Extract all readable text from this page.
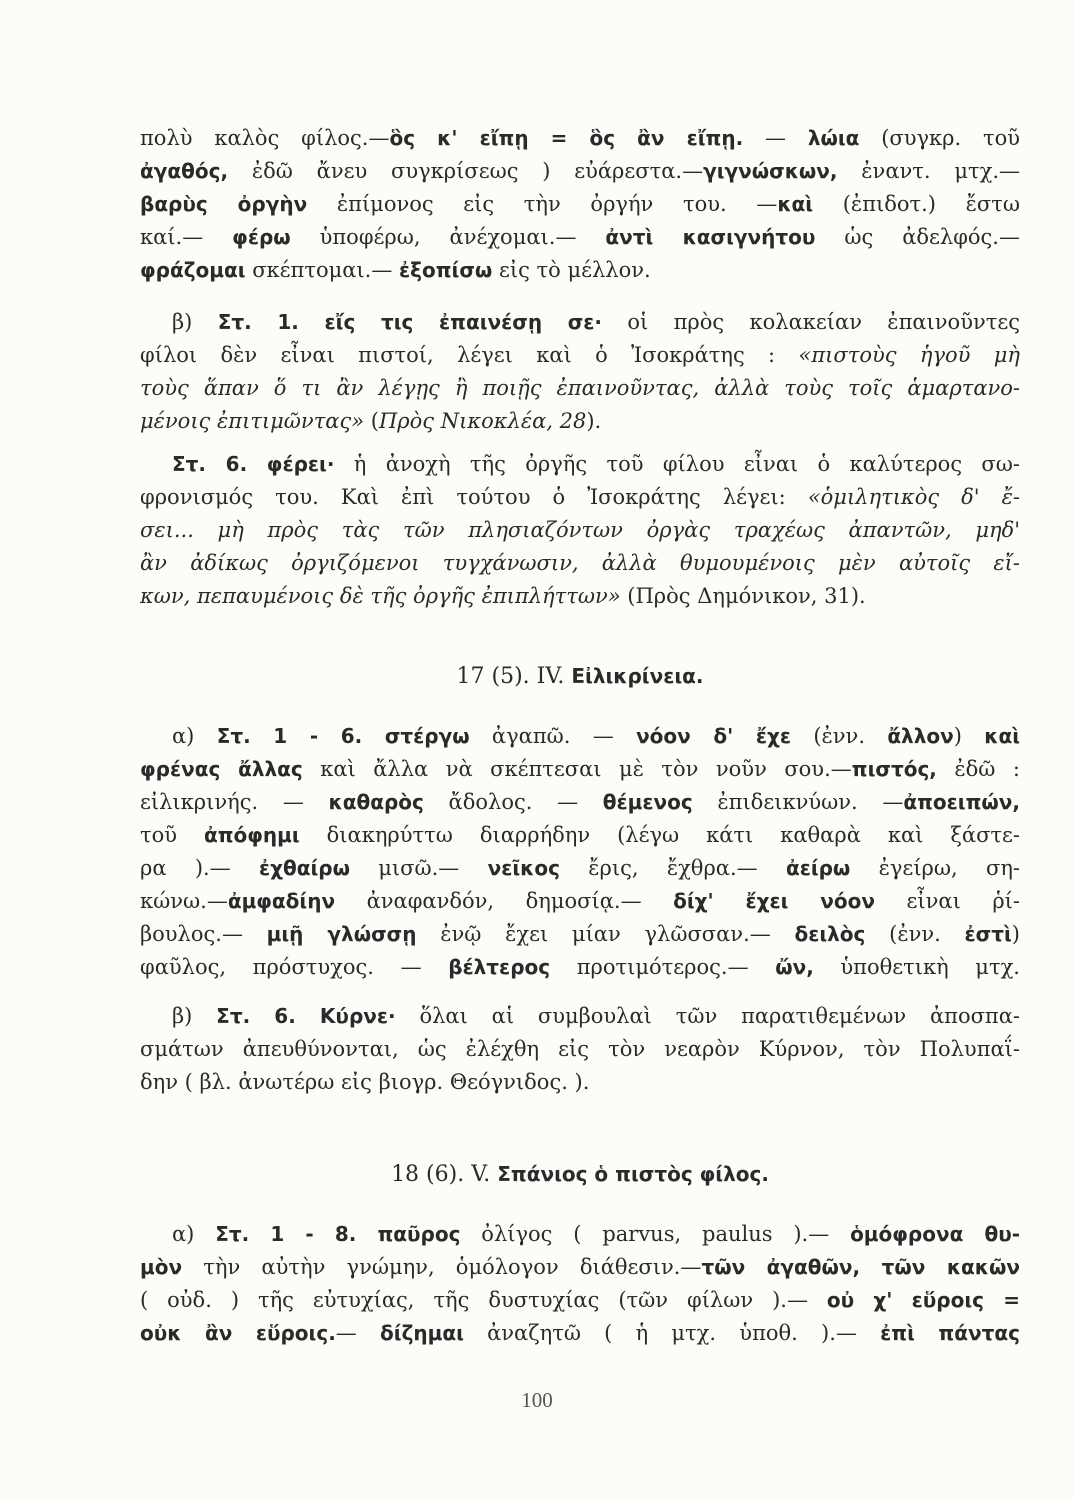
πολὺ καλὸς φίλος.—ὃς κ' εἴπῃ = ὃς ἂν εἴπῃ. — λώια (συγκρ. τοῦ
ἀγαθός, ἐδῶ ἄνευ συγκρίσεως ) εὐάρεστα.—γιγνώσκων, ἐναντ. μτχ.—
βαρὺς ὀργὴν ἐπίμονος εἰς τὴν ὀργήν του. —καὶ (ἐπιδοτ.) ἔστω
καί.— φέρω ὑποφέρω, ἀνέχομαι.— ἀντὶ κασιγνήτου ὡς ἀδελφός.—
φράζομαι σκέπτομαι.— ἐξοπίσω εἰς τὸ μέλλον.
β) Στ. 1. εἴς τις ἐπαινέσῃ σε· οἱ πρὸς κολακείαν ἐπαινοῦντες
φίλοι δὲν εἶναι πιστοί, λέγει καὶ ὁ Ἰσοκράτης : «πιστοὺς ἡγοῦ μὴ
τοὺς ἅπαν ὅ τι ἂν λέγῃς ἢ ποιῇς ἐπαινοῦντας, ἀλλὰ τοὺς τοῖς ἁμαρτανο-
μένοις ἐπιτιμῶντας» (Πρὸς Νικοκλέα, 28).
Στ. 6. φέρει· ἡ ἀνοχὴ τῆς ὀργῆς τοῦ φίλου εἶναι ὁ καλύτερος σω-
φρονισμός του. Καὶ ἐπὶ τούτου ὁ Ἰσοκράτης λέγει: «ὁμιλητικὸς δ' ἔ-
σει... μὴ πρὸς τὰς τῶν πλησιαζόντων ὀργὰς τραχέως ἀπαντῶν, μηδ'
ἂν ἀδίκως ὀργιζόμενοι τυγχάνωσιν, ἀλλὰ θυμουμένοις μὲν αὐτοῖς εἴ-
κων, πεπαυμένοις δὲ τῆς ὀργῆς ἐπιπλήττων» (Πρὸς Δημόνικον, 31).
17 (5). IV. Εἰλικρίνεια.
α) Στ. 1 - 6. στέργω ἀγαπῶ. — νόον δ' ἔχε (ἐνν. ἄλλον) καὶ
φρένας ἄλλας καὶ ἄλλα νὰ σκέπτεσαι μὲ τὸν νοῦν σου.—πιστός, ἐδῶ :
εἰλικρινής. — καθαρὸς ἄδολος. — θέμενος ἐπιδεικνύων. —ἀποειπών,
τοῦ ἀπόφημι διακηρύττω διαρρήδην (λέγω κάτι καθαρὰ καὶ ξάστε-
ρα ).— ἐχθαίρω μισῶ.— νεῖκος ἔρις, ἔχθρα.— ἀείρω ἐγείρω, ση-
κώνω.—ἀμφαδίην ἀναφανδόν, δημοσίᾳ.— δίχ' ἔχει νόον εἶναι ῥί-
βουλος.— μιῇ γλώσσῃ ἐνῷ ἔχει μίαν γλῶσσαν.— δειλὸς (ἐνν. ἐστὶ)
φαῦλος, πρόστυχος. — βέλτερος προτιμότερος.— ὤν, ὑποθετικὴ μτχ.
β) Στ. 6. Κύρνε· ὅλαι αἱ συμβουλαὶ τῶν παρατιθεμένων ἀποσπα-
σμάτων ἀπευθύνονται, ὡς ἐλέχθη εἰς τὸν νεαρὸν Κύρνον, τὸν Πολυπαΐ-
δην ( βλ. ἀνωτέρω εἰς βιογρ. Θεόγνιδος. ).
18 (6). V. Σπάνιος ὁ πιστὸς φίλος.
α) Στ. 1 - 8. παῦρος ὀλίγος ( parvus, paulus ).— ὁμόφρονα θυ-
μὸν τὴν αὐτὴν γνώμην, ὁμόλογον διάθεσιν.—τῶν ἀγαθῶν, τῶν κακῶν
( οὐδ. ) τῆς εὐτυχίας, τῆς δυστυχίας (τῶν φίλων ).— οὐ χ' εὕροις =
οὐκ ἂν εὕροις.— δίζημαι ἀναζητῶ ( ἡ μτχ. ὑποθ. ).— ἐπὶ πάντας
100
